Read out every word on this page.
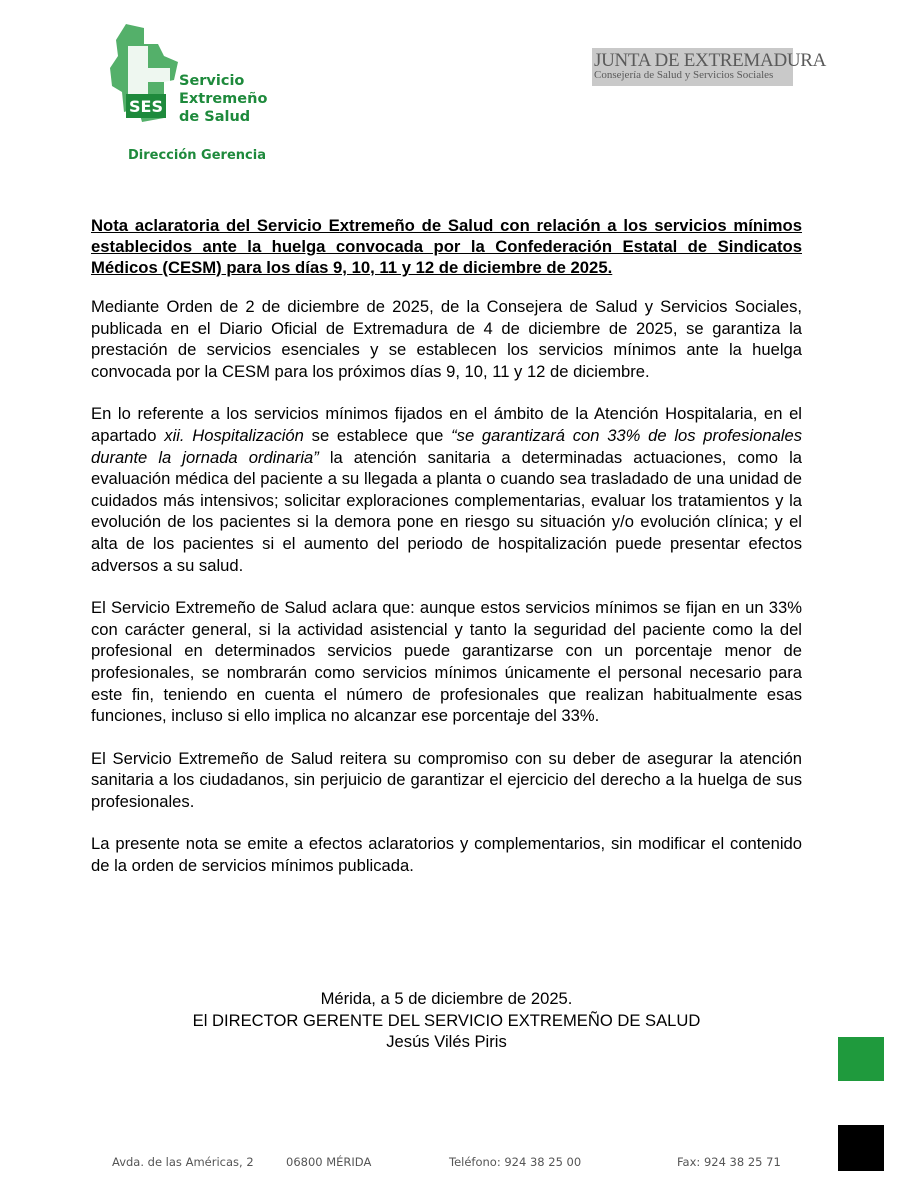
SES
Servicio
Extremeño
de Salud
Dirección Gerencia
JUNTA DE EXTREMADURA
Consejería de Salud y Servicios Sociales

Nota aclaratoria del Servicio Extremeño de Salud con relación a los servicios mínimos establecidos ante la huelga convocada por la Confederación Estatal de Sindicatos Médicos (CESM) para los días 9, 10, 11 y 12 de diciembre de 2025.

Mediante Orden de 2 de diciembre de 2025, de la Consejera de Salud y Servicios Sociales, publicada en el Diario Oficial de Extremadura de 4 de diciembre de 2025, se garantiza la prestación de servicios esenciales y se establecen los servicios mínimos ante la huelga convocada por la CESM para los próximos días 9, 10, 11 y 12 de diciembre.

En lo referente a los servicios mínimos fijados en el ámbito de la Atención Hospitalaria, en el apartado xii. Hospitalización se establece que “se garantizará con 33% de los profesionales durante la jornada ordinaria” la atención sanitaria a determinadas actuaciones, como la evaluación médica del paciente a su llegada a planta o cuando sea trasladado de una unidad de cuidados más intensivos; solicitar exploraciones complementarias, evaluar los tratamientos y la evolución de los pacientes si la demora pone en riesgo su situación y/o evolución clínica; y el alta de los pacientes si el aumento del periodo de hospitalización puede presentar efectos adversos a su salud.

El Servicio Extremeño de Salud aclara que: aunque estos servicios mínimos se fijan en un 33% con carácter general, si la actividad asistencial y tanto la seguridad del paciente como la del profesional en determinados servicios puede garantizarse con un porcentaje menor de profesionales, se nombrarán como servicios mínimos únicamente el personal necesario para este fin, teniendo en cuenta el número de profesionales que realizan habitualmente esas funciones, incluso si ello implica no alcanzar ese porcentaje del 33%.

El Servicio Extremeño de Salud reitera su compromiso con su deber de asegurar la atención sanitaria a los ciudadanos, sin perjuicio de garantizar el ejercicio del derecho a la huelga de sus profesionales.

La presente nota se emite a efectos aclaratorios y complementarios, sin modificar el contenido de la orden de servicios mínimos publicada.

Mérida, a 5 de diciembre de 2025.
El DIRECTOR GERENTE DEL SERVICIO EXTREMEÑO DE SALUD
Jesús Vilés Piris
Avda. de las Américas, 2	06800 MÉRIDA	Teléfono: 924 38 25 00	Fax: 924 38 25 71
